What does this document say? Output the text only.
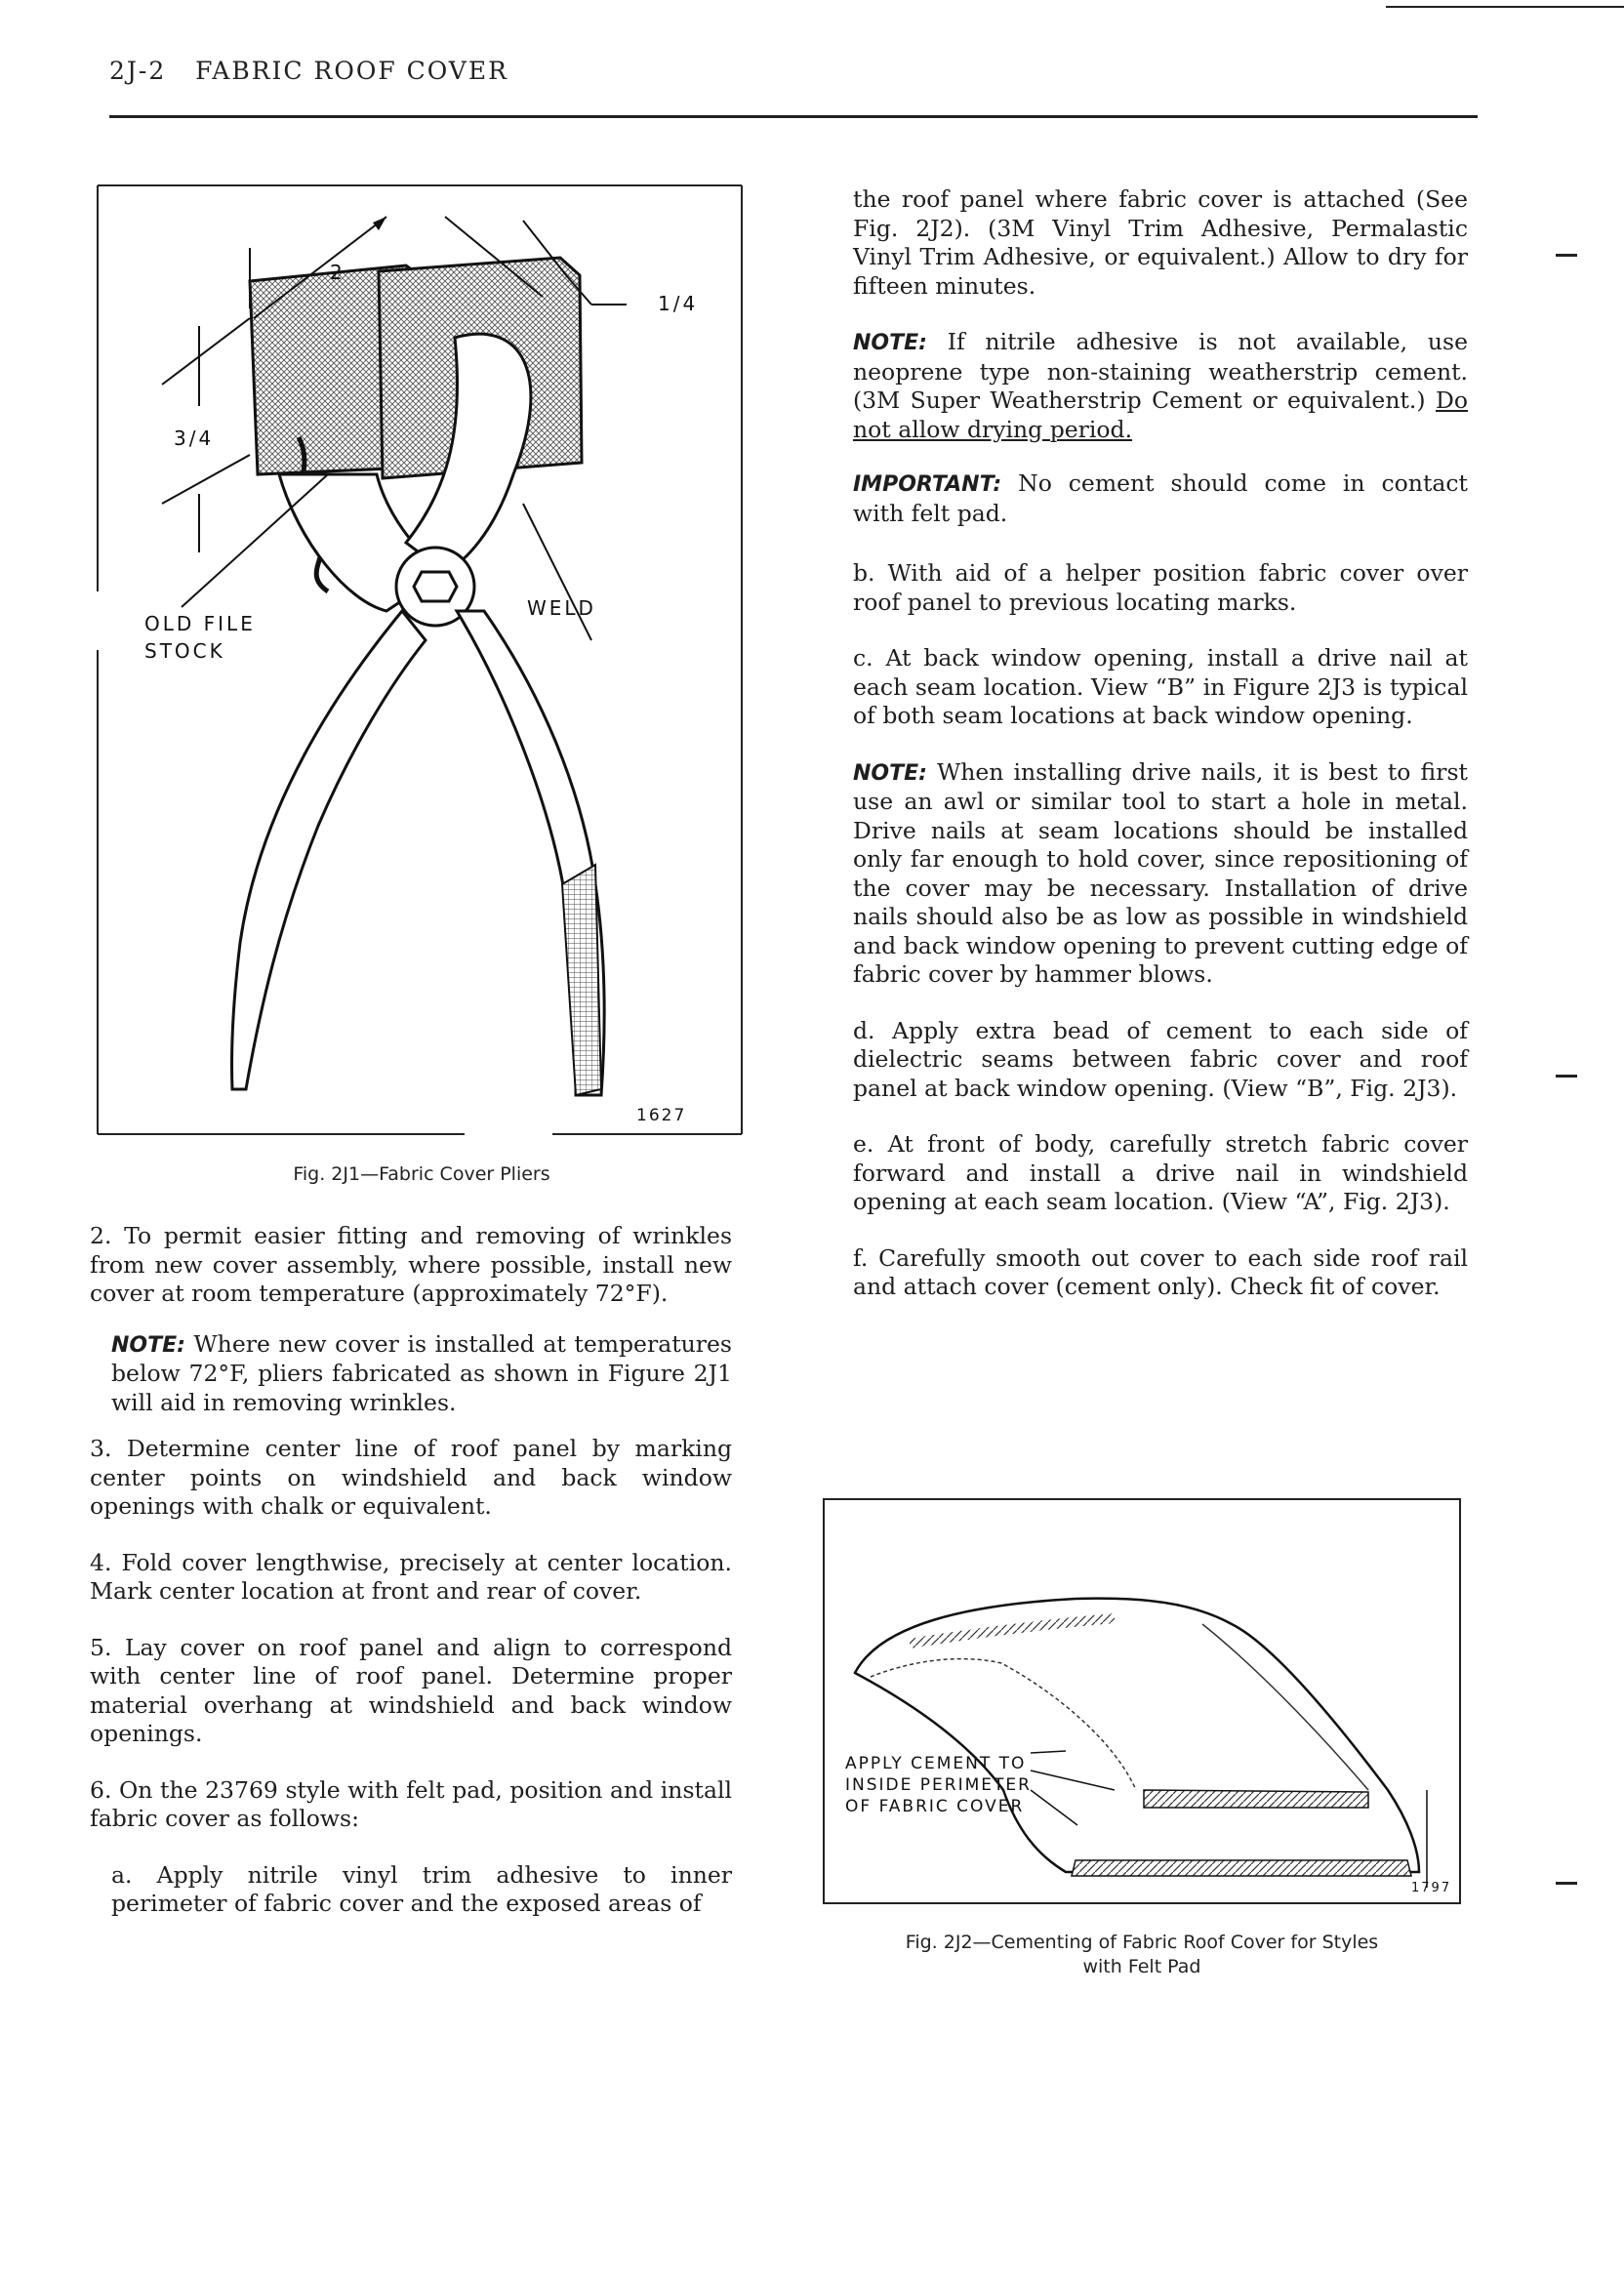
2J-2 FABRIC ROOF COVER
2
1/4
3/4
OLD FILE
STOCK
WELD
1627
Fig. 2J1—Fabric Cover Pliers

2. To permit easier fitting and removing of wrinkles from new cover assembly, where possible, install new cover at room temperature (approximately 72°F).

NOTE: Where new cover is installed at temperatures below 72°F, pliers fabricated as shown in Figure 2J1 will aid in removing wrinkles.

3. Determine center line of roof panel by marking center points on windshield and back window openings with chalk or equivalent.

4. Fold cover lengthwise, precisely at center location. Mark center location at front and rear of cover.

5. Lay cover on roof panel and align to correspond with center line of roof panel. Determine proper material overhang at windshield and back window openings.

6. On the 23769 style with felt pad, position and install fabric cover as follows:

a. Apply nitrile vinyl trim adhesive to inner perimeter of fabric cover and the exposed areas of

the roof panel where fabric cover is attached (See Fig. 2J2). (3M Vinyl Trim Adhesive, Permalastic Vinyl Trim Adhesive, or equivalent.) Allow to dry for fifteen minutes.

NOTE: If nitrile adhesive is not available, use neoprene type non-staining weatherstrip cement. (3M Super Weatherstrip Cement or equivalent.) Do not allow drying period.

IMPORTANT: No cement should come in contact with felt pad.

b. With aid of a helper position fabric cover over roof panel to previous locating marks.

c. At back window opening, install a drive nail at each seam location. View “B” in Figure 2J3 is typical of both seam locations at back window opening.

NOTE: When installing drive nails, it is best to first use an awl or similar tool to start a hole in metal. Drive nails at seam locations should be installed only far enough to hold cover, since repositioning of the cover may be necessary. Installation of drive nails should also be as low as possible in windshield and back window opening to prevent cutting edge of fabric cover by hammer blows.

d. Apply extra bead of cement to each side of dielectric seams between fabric cover and roof panel at back window opening. (View “B”, Fig. 2J3).

e. At front of body, carefully stretch fabric cover forward and install a drive nail in windshield opening at each seam location. (View “A”, Fig. 2J3).

f. Carefully smooth out cover to each side roof rail and attach cover (cement only). Check fit of cover.

APPLY CEMENT TO
INSIDE PERIMETER
OF FABRIC COVER
1797
Fig. 2J2—Cementing of Fabric Roof Cover for Styles
with Felt Pad
